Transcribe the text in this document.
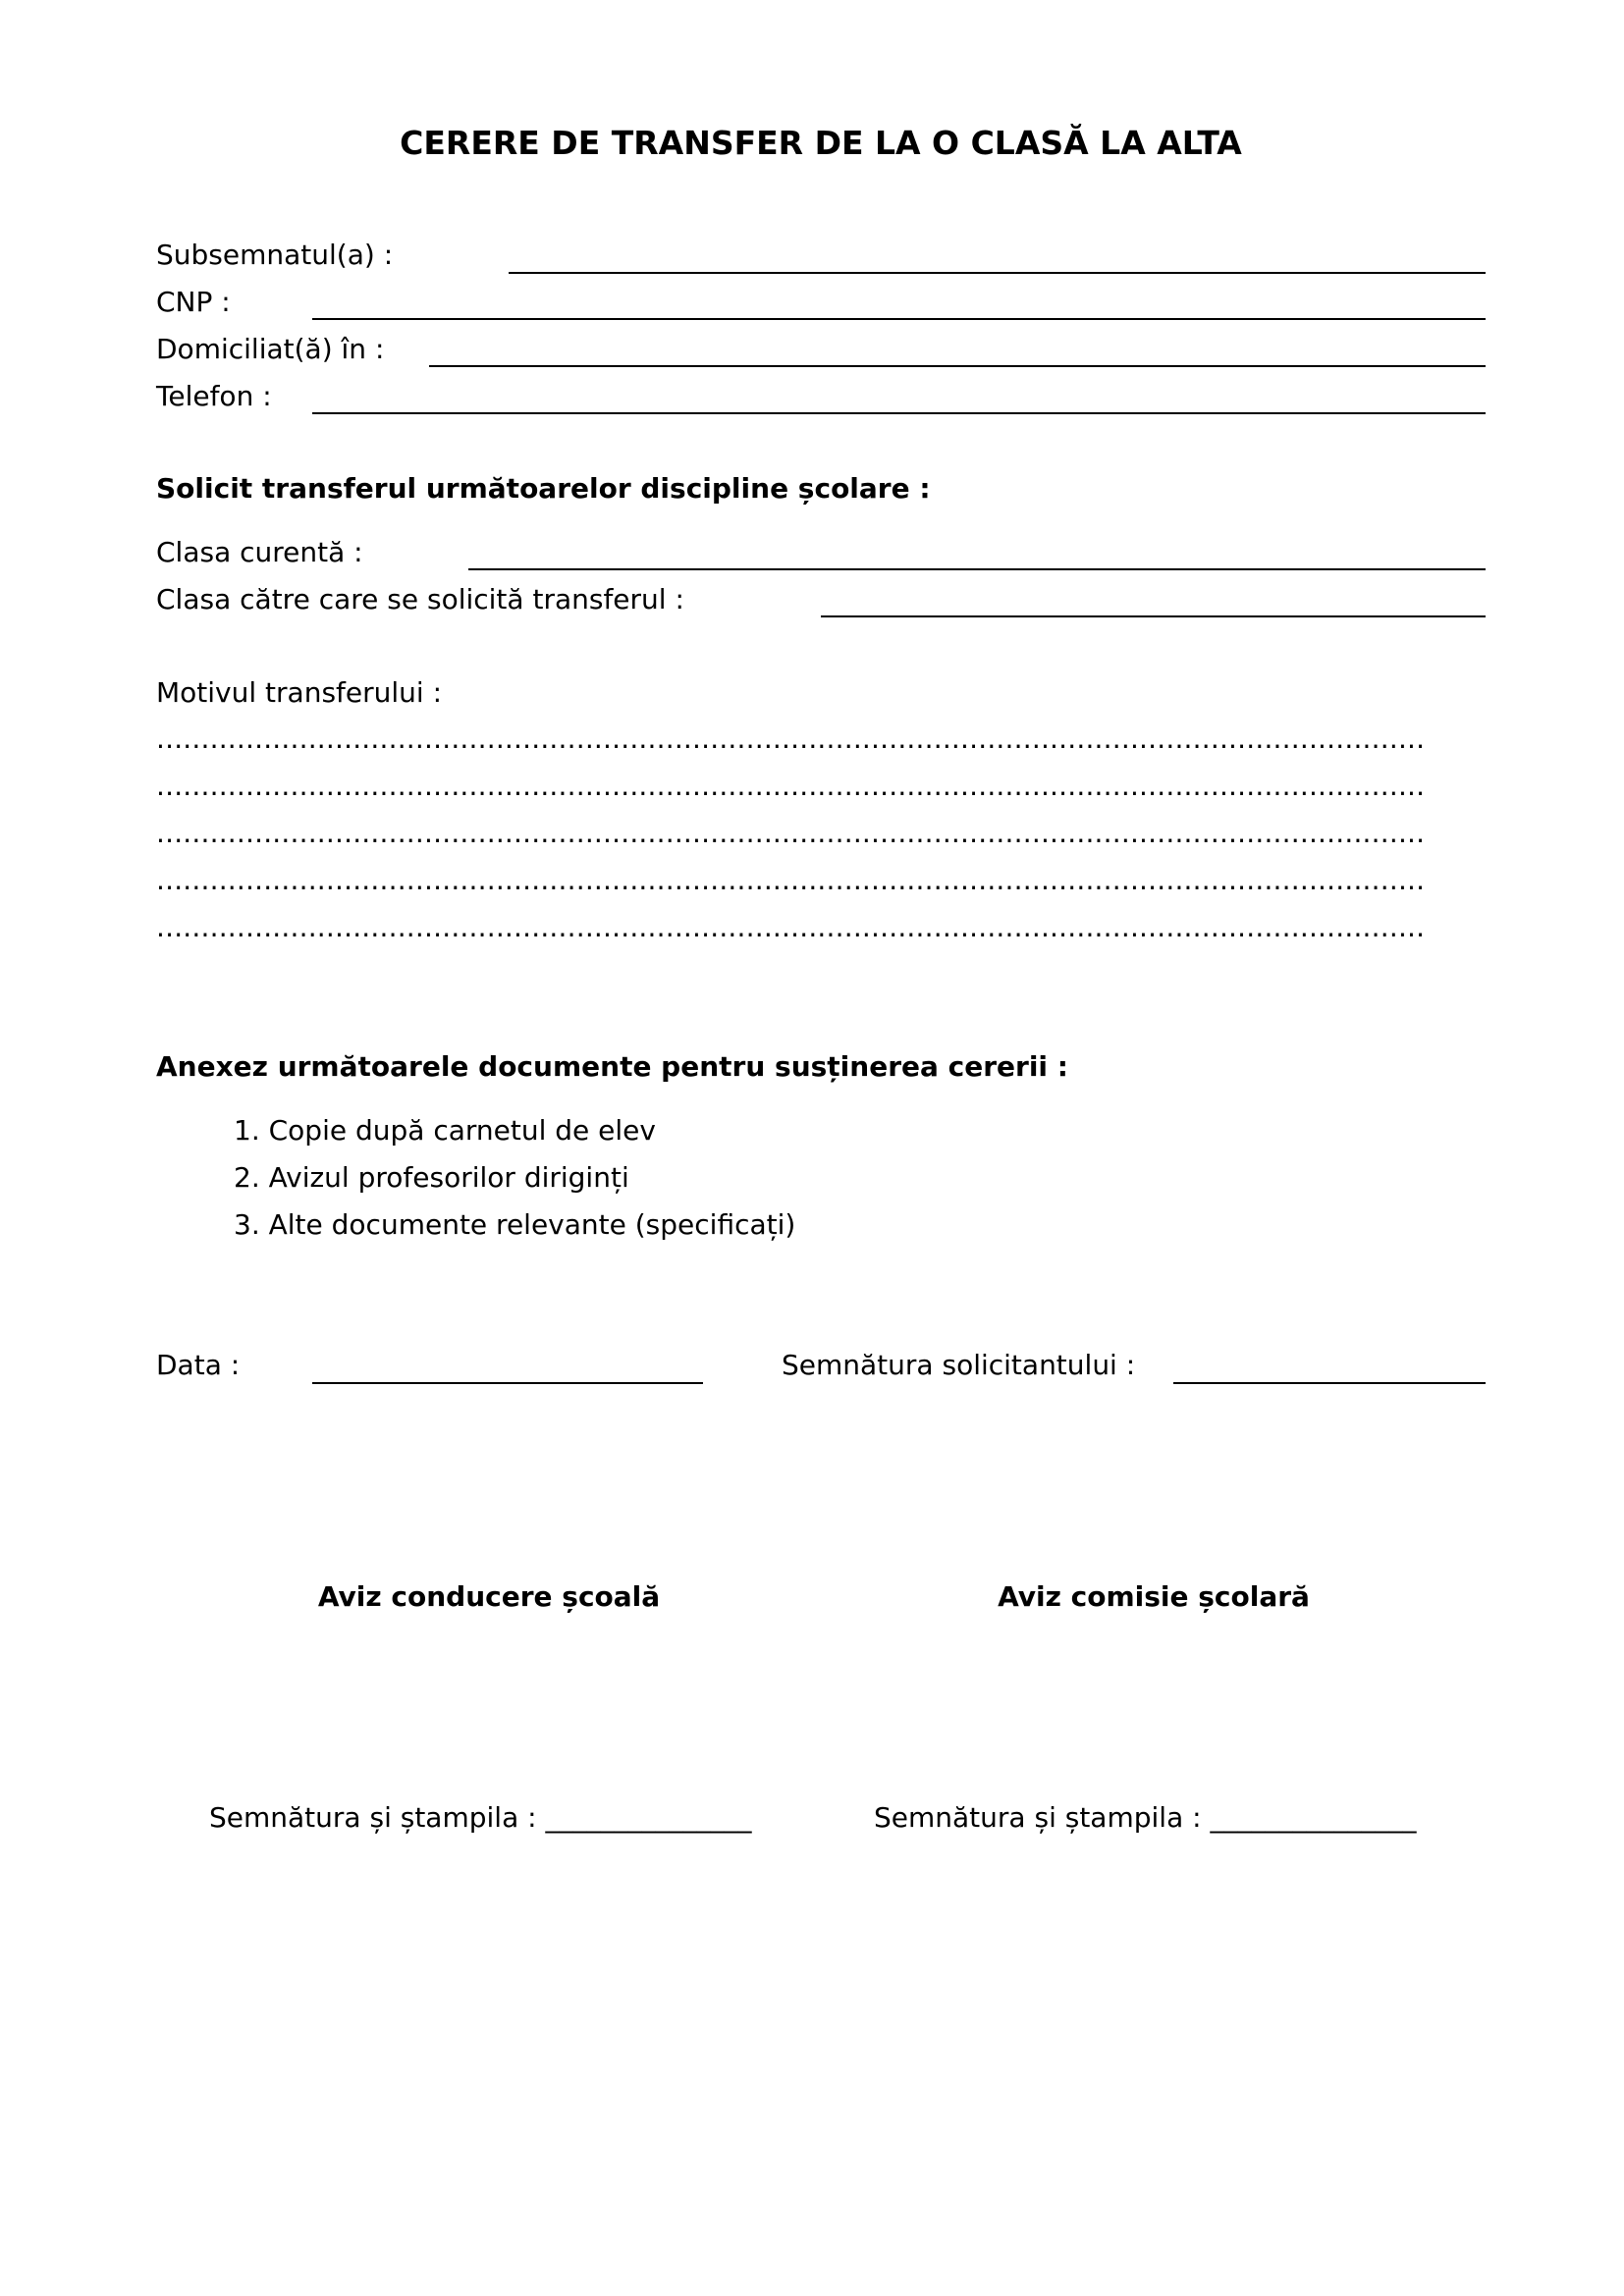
CERERE DE TRANSFER DE LA O CLASĂ LA ALTA
Subsemnatul(a) :
CNP :
Domiciliat(ă) în :
Telefon :
Solicit transferul următoarelor discipline școlare :
Clasa curentă :
Clasa către care se solicită transferul :
Motivul transferului :
..............................................................................................................................................
..............................................................................................................................................
..............................................................................................................................................
..............................................................................................................................................
..............................................................................................................................................
Anexez următoarele documente pentru susținerea cererii :
1. Copie după carnetul de elev
2. Avizul profesorilor diriginți
3. Alte documente relevante (specificați)
Data :	Semnătura solicitantului :
Aviz conducere școală	Aviz comisie școlară
Semnătura și ștampila : _______________	Semnătura și ștampila : _______________
